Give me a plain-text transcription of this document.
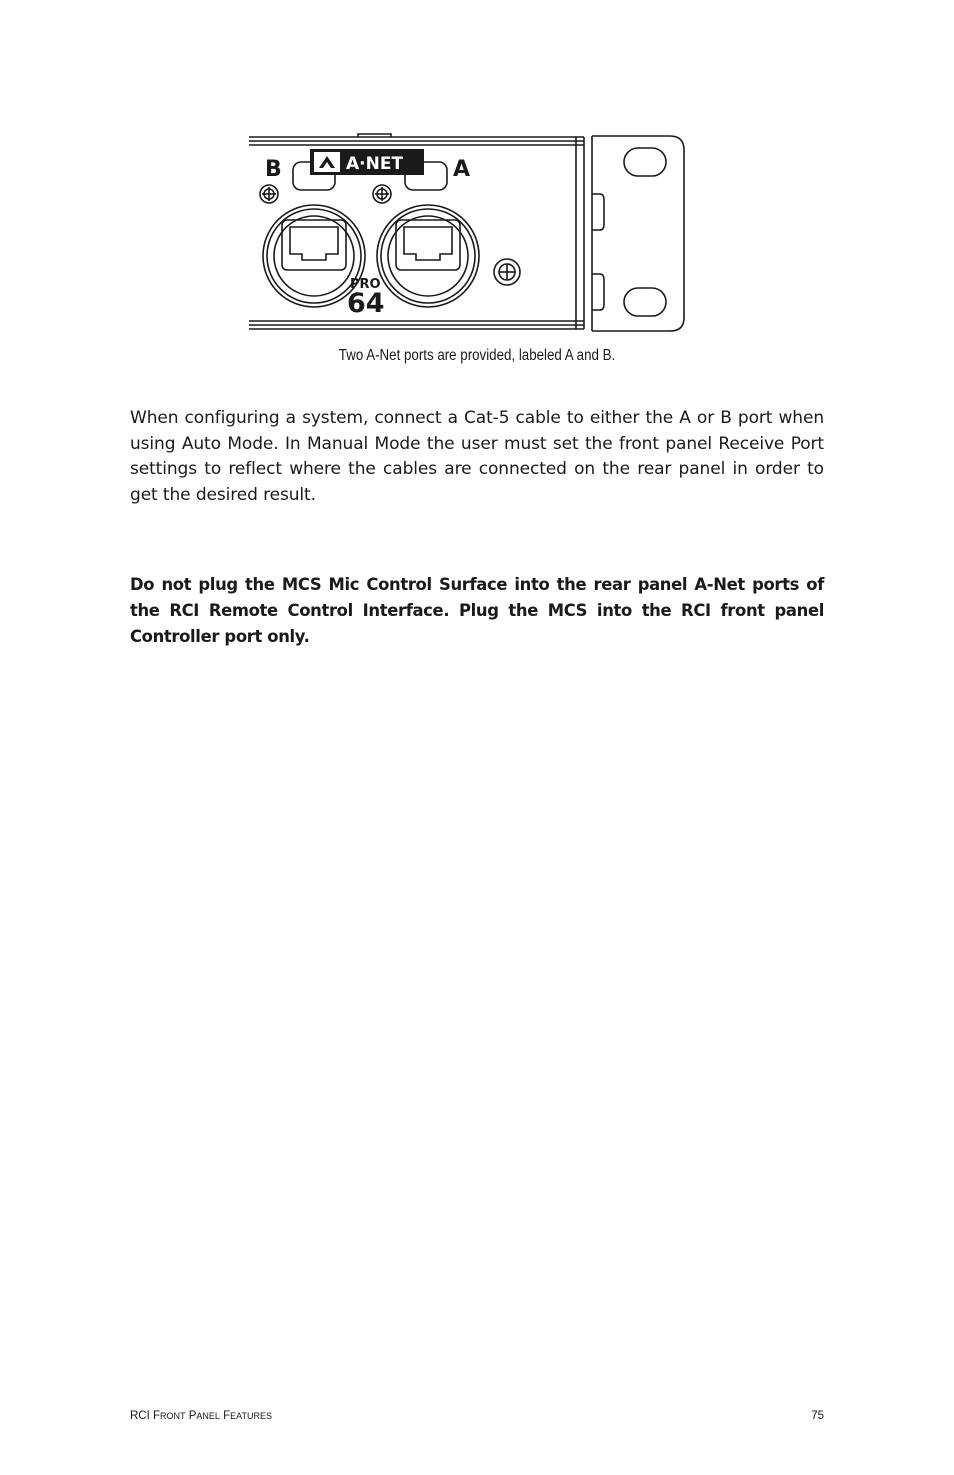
A·NET
B	A
PRO
64
Two A-Net ports are provided, labeled A and B.

When configuring a system, connect a Cat-5 cable to either the A or B port when using Auto Mode. In Manual Mode the user must set the front panel Receive Port settings to reflect where the cables are connected on the rear panel in order to get the desired result.

Do not plug the MCS Mic Control Surface into the rear panel A-Net ports of the RCI Remote Control Interface. Plug the MCS into the RCI front panel Controller port only.

RCI FRONT PANEL FEATURES	75
